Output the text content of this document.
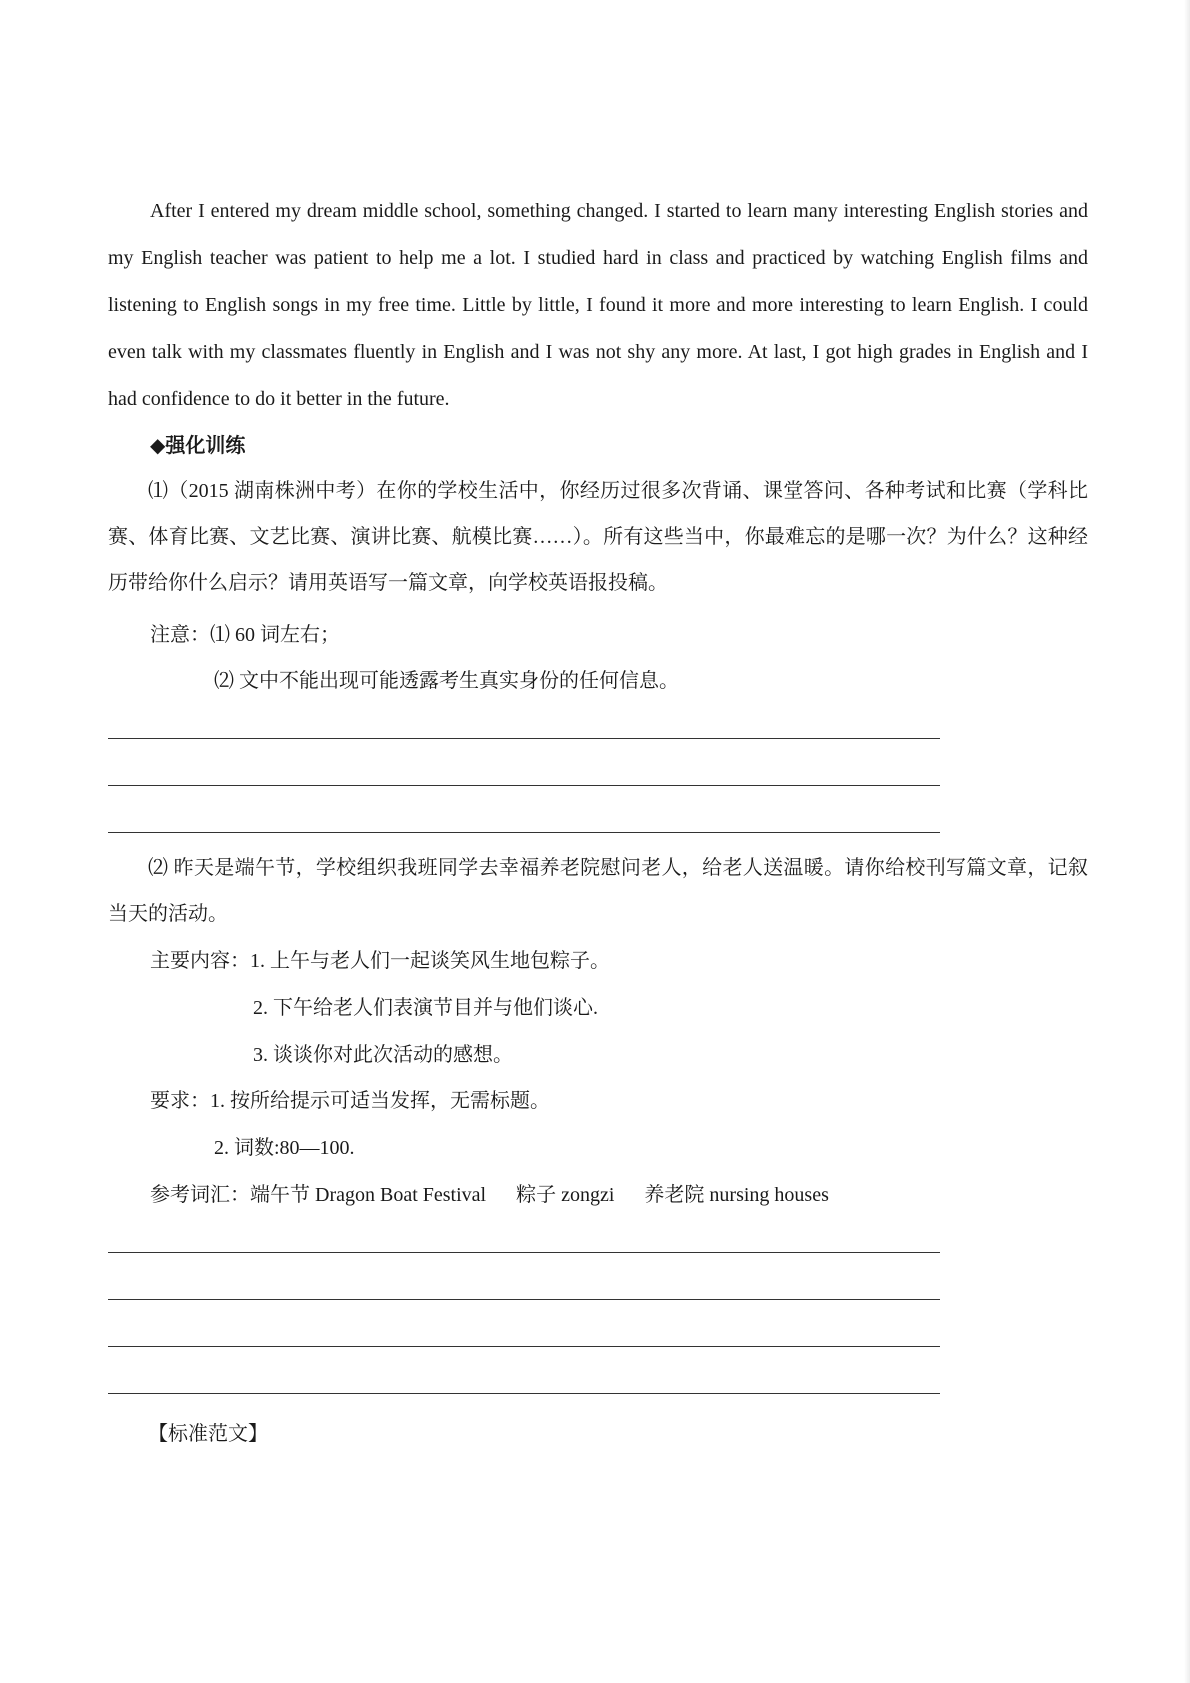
After I entered my dream middle school, something changed. I started to learn many interesting English stories and my English teacher was patient to help me a lot. I studied hard in class and practiced by watching English films and listening to English songs in my free time. Little by little, I found it more and more interesting to learn English. I could even talk with my classmates fluently in English and I was not shy any more. At last, I got high grades in English and I had confidence to do it better in the future.

◆强化训练

⑴（2015 湖南株洲中考）在你的学校生活中，你经历过很多次背诵、课堂答问、各种考试和比赛（学科比赛、体育比赛、文艺比赛、演讲比赛、航模比赛……）。所有这些当中，你最难忘的是哪一次？为什么？这种经历带给你什么启示？请用英语写一篇文章，向学校英语报投稿。

注意：⑴ 60 词左右；

⑵ 文中不能出现可能透露考生真实身份的任何信息。

⑵ 昨天是端午节，学校组织我班同学去幸福养老院慰问老人，给老人送温暖。请你给校刊写篇文章，记叙当天的活动。

主要内容：1. 上午与老人们一起谈笑风生地包粽子。

2. 下午给老人们表演节目并与他们谈心.

3. 谈谈你对此次活动的感想。

要求：1. 按所给提示可适当发挥，无需标题。

2. 词数:80—100.

参考词汇：端午节 Dragon Boat Festival 粽子 zongzi 养老院 nursing houses

【标准范文】
